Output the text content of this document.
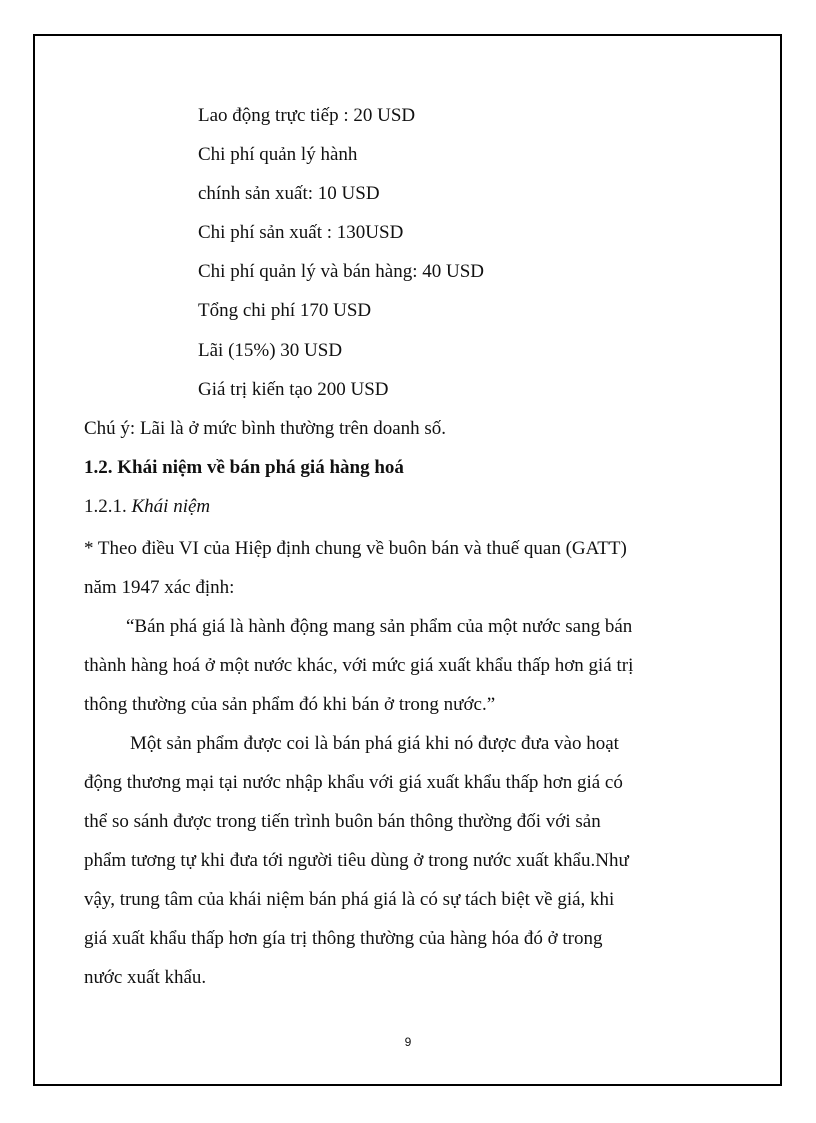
Lao động trực tiếp : 20 USD
Chi phí quản lý hành
chính sản xuất: 10 USD
Chi phí sản xuất : 130USD
Chi phí quản lý và bán hàng: 40 USD
Tổng chi phí 170 USD
Lãi (15%) 30 USD
Giá trị kiến tạo 200 USD
Chú ý: Lãi là ở mức bình thường trên doanh số.
1.2. Khái niệm về bán phá giá hàng hoá
1.2.1. Khái niệm
* Theo điều VI của Hiệp định chung về buôn bán và thuế quan (GATT)
năm 1947 xác định:
“Bán phá giá là hành động mang sản phẩm của một nước sang bán
thành hàng hoá ở một nước khác, với mức giá xuất khẩu thấp hơn giá trị
thông thường của sản phẩm đó khi bán ở trong nước.”
Một sản phẩm được coi là bán phá giá khi nó được đưa vào hoạt
động thương mại tại nước nhập khẩu với giá xuất khẩu thấp hơn giá có
thể so sánh được trong tiến trình buôn bán thông thường đối với sản
phẩm tương tự khi đưa tới người tiêu dùng ở trong nước xuất khẩu.Như
vậy, trung tâm của khái niệm bán phá giá là có sự tách biệt về giá, khi
giá xuất khẩu thấp hơn gía trị thông thường của hàng hóa đó ở trong
nước xuất khẩu.
9
